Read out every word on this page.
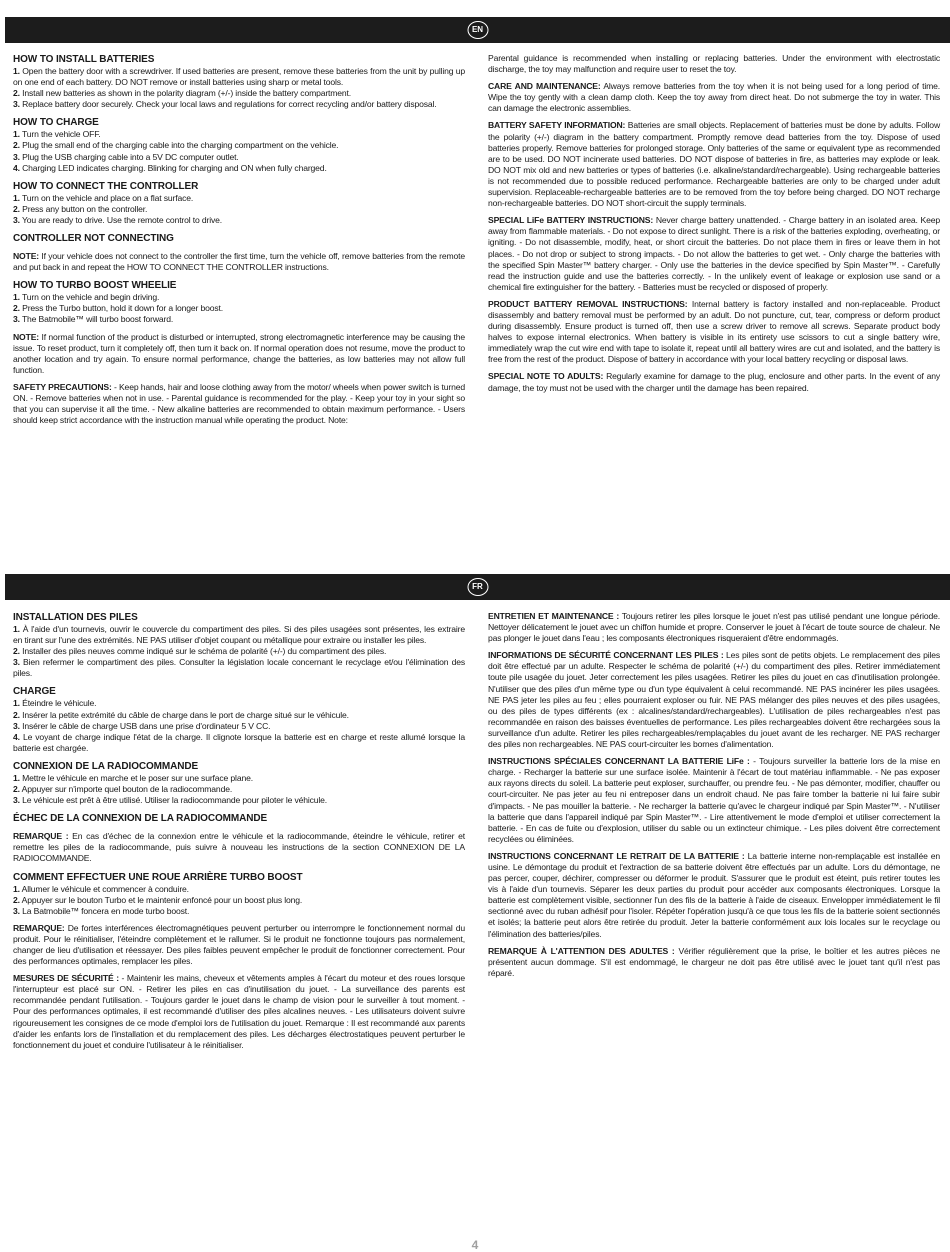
EN
HOW TO INSTALL BATTERIES
1. Open the battery door with a screwdriver. If used batteries are present, remove these batteries from the unit by pulling up on one end of each battery. DO NOT remove or install batteries using sharp or metal tools.
2. Install new batteries as shown in the polarity diagram (+/-) inside the battery compartment.
3. Replace battery door securely. Check your local laws and regulations for correct recycling and/or battery disposal.
HOW TO CHARGE
1. Turn the vehicle OFF.
2. Plug the small end of the charging cable into the charging compartment on the vehicle.
3. Plug the USB charging cable into a 5V DC computer outlet.
4. Charging LED indicates charging. Blinking for charging and ON when fully charged.
HOW TO CONNECT THE CONTROLLER
1. Turn on the vehicle and place on a flat surface.
2. Press any button on the controller.
3. You are ready to drive. Use the remote control to drive.
CONTROLLER NOT CONNECTING
NOTE: If your vehicle does not connect to the controller the first time, turn the vehicle off, remove batteries from the remote and put back in and repeat the HOW TO CONNECT THE CONTROLLER instructions.
HOW TO TURBO BOOST WHEELIE
1. Turn on the vehicle and begin driving.
2. Press the Turbo button, hold it down for a longer boost.
3. The Batmobile™ will turbo boost forward.
NOTE: If normal function of the product is disturbed or interrupted, strong electromagnetic interference may be causing the issue. To reset product, turn it completely off, then turn it back on. If normal operation does not resume, move the product to another location and try again. To ensure normal performance, change the batteries, as low batteries may not allow full function.
SAFETY PRECAUTIONS: - Keep hands, hair and loose clothing away from the motor/ wheels when power switch is turned ON. - Remove batteries when not in use. - Parental guidance is recommended for the play. - Keep your toy in your sight so that you can supervise it all the time. - New alkaline batteries are recommended to obtain maximum performance. - Users should keep strict accordance with the instruction manual while operating the product. Note:
Parental guidance is recommended when installing or replacing batteries. Under the environment with electrostatic discharge, the toy may malfunction and require user to reset the toy.
CARE AND MAINTENANCE: Always remove batteries from the toy when it is not being used for a long period of time. Wipe the toy gently with a clean damp cloth. Keep the toy away from direct heat. Do not submerge the toy in water. This can damage the electronic assemblies.
BATTERY SAFETY INFORMATION: Batteries are small objects. Replacement of batteries must be done by adults. Follow the polarity (+/-) diagram in the battery compartment. Promptly remove dead batteries from the toy. Dispose of used batteries properly. Remove batteries for prolonged storage. Only batteries of the same or equivalent type as recommended are to be used. DO NOT incinerate used batteries. DO NOT dispose of batteries in fire, as batteries may explode or leak. DO NOT mix old and new batteries or types of batteries (i.e. alkaline/standard/rechargeable). Using rechargeable batteries is not recommended due to possible reduced performance. Rechargeable batteries are only to be charged under adult supervision. Replaceable-rechargeable batteries are to be removed from the toy before being charged. DO NOT recharge non-rechargeable batteries. DO NOT short-circuit the supply terminals.
SPECIAL LiFe BATTERY INSTRUCTIONS: Never charge battery unattended. - Charge battery in an isolated area. Keep away from flammable materials. - Do not expose to direct sunlight. There is a risk of the batteries exploding, overheating, or igniting. - Do not disassemble, modify, heat, or short circuit the batteries. Do not place them in fires or leave them in hot places. - Do not drop or subject to strong impacts. - Do not allow the batteries to get wet. - Only charge the batteries with the specified Spin Master™ battery charger. - Only use the batteries in the device specified by Spin Master™. - Carefully read the instruction guide and use the batteries correctly. - In the unlikely event of leakage or explosion use sand or a chemical fire extinguisher for the battery. - Batteries must be recycled or disposed of properly.
PRODUCT BATTERY REMOVAL INSTRUCTIONS: Internal battery is factory installed and non-replaceable. Product disassembly and battery removal must be performed by an adult. Do not puncture, cut, tear, compress or deform product during disassembly. Ensure product is turned off, then use a screw driver to remove all screws. Separate product body halves to expose internal electronics. When battery is visible in its entirety use scissors to cut a single battery wire, immediately wrap the cut wire end with tape to isolate it, repeat until all battery wires are cut and isolated, and the battery is free from the rest of the product. Dispose of battery in accordance with your local battery recycling or disposal laws.
SPECIAL NOTE TO ADULTS: Regularly examine for damage to the plug, enclosure and other parts. In the event of any damage, the toy must not be used with the charger until the damage has been repaired.
FR
INSTALLATION DES PILES
1. À l'aide d'un tournevis, ouvrir le couvercle du compartiment des piles. Si des piles usagées sont présentes, les extraire en tirant sur l'une des extrémités. NE PAS utiliser d'objet coupant ou métallique pour extraire ou installer les piles.
2. Installer des piles neuves comme indiqué sur le schéma de polarité (+/-) du compartiment des piles.
3. Bien refermer le compartiment des piles. Consulter la législation locale concernant le recyclage et/ou l'élimination des piles.
CHARGE
1. Éteindre le véhicule.
2. Insérer la petite extrémité du câble de charge dans le port de charge situé sur le véhicule.
3. Insérer le câble de charge USB dans une prise d'ordinateur 5 V CC.
4. Le voyant de charge indique l'état de la charge. Il clignote lorsque la batterie est en charge et reste allumé lorsque la batterie est chargée.
CONNEXION DE LA RADIOCOMMANDE
1. Mettre le véhicule en marche et le poser sur une surface plane.
2. Appuyer sur n'importe quel bouton de la radiocommande.
3. Le véhicule est prêt à être utilisé. Utiliser la radiocommande pour piloter le véhicule.
ÉCHEC DE LA CONNEXION DE LA RADIOCOMMANDE
REMARQUE : En cas d'échec de la connexion entre le véhicule et la radiocommande, éteindre le véhicule, retirer et remettre les piles de la radiocommande, puis suivre à nouveau les instructions de la section CONNEXION DE LA RADIOCOMMANDE.
COMMENT EFFECTUER UNE ROUE ARRIÈRE TURBO BOOST
1. Allumer le véhicule et commencer à conduire.
2. Appuyer sur le bouton Turbo et le maintenir enfoncé pour un boost plus long.
3. La Batmobile™ foncera en mode turbo boost.
REMARQUE: De fortes interférences électromagnétiques peuvent perturber ou interrompre le fonctionnement normal du produit. Pour le réinitialiser, l'éteindre complètement et le rallumer. Si le produit ne fonctionne toujours pas normalement, changer de lieu d'utilisation et réessayer. Des piles faibles peuvent empêcher le produit de fonctionner correctement. Pour des performances optimales, remplacer les piles.
MESURES DE SÉCURITÉ : - Maintenir les mains, cheveux et vêtements amples à l'écart du moteur et des roues lorsque l'interrupteur est placé sur ON. - Retirer les piles en cas d'inutilisation du jouet. - La surveillance des parents est recommandée pendant l'utilisation. - Toujours garder le jouet dans le champ de vision pour le surveiller à tout moment. - Pour des performances optimales, il est recommandé d'utiliser des piles alcalines neuves. - Les utilisateurs doivent suivre rigoureusement les consignes de ce mode d'emploi lors de l'utilisation du jouet. Remarque : Il est recommandé aux parents d'aider les enfants lors de l'installation et du remplacement des piles. Les décharges électrostatiques peuvent perturber le fonctionnement du jouet et conduire l'utilisateur à le réinitialiser.
ENTRETIEN ET MAINTENANCE : Toujours retirer les piles lorsque le jouet n'est pas utilisé pendant une longue période. Nettoyer délicatement le jouet avec un chiffon humide et propre. Conserver le jouet à l'écart de toute source de chaleur. Ne pas plonger le jouet dans l'eau ; les composants électroniques risqueraient d'être endommagés.
INFORMATIONS DE SÉCURITÉ CONCERNANT LES PILES : Les piles sont de petits objets. Le remplacement des piles doit être effectué par un adulte. Respecter le schéma de polarité (+/-) du compartiment des piles. Retirer immédiatement toute pile usagée du jouet. Jeter correctement les piles usagées. Retirer les piles du jouet en cas d'inutilisation prolongée. N'utiliser que des piles d'un même type ou d'un type équivalent à celui recommandé. NE PAS incinérer les piles usagées. NE PAS jeter les piles au feu ; elles pourraient exploser ou fuir. NE PAS mélanger des piles neuves et des piles usagées, ou des piles de types différents (ex : alcalines/standard/rechargeables). L'utilisation de piles rechargeables n'est pas recommandée en raison des baisses éventuelles de performance. Les piles rechargeables doivent être rechargées sous la surveillance d'un adulte. Retirer les piles rechargeables/remplaçables du jouet avant de les recharger. NE PAS recharger des piles non rechargeables. NE PAS court-circuiter les bornes d'alimentation.
INSTRUCTIONS SPÉCIALES CONCERNANT LA BATTERIE LiFe : - Toujours surveiller la batterie lors de la mise en charge. - Recharger la batterie sur une surface isolée. Maintenir à l'écart de tout matériau inflammable. - Ne pas exposer aux rayons directs du soleil. La batterie peut exploser, surchauffer, ou prendre feu. - Ne pas démonter, modifier, chauffer ou court-circuiter. Ne pas jeter au feu ni entreposer dans un endroit chaud. Ne pas faire tomber la batterie ni lui faire subir d'impacts. - Ne pas mouiller la batterie. - Ne recharger la batterie qu'avec le chargeur indiqué par Spin Master™. - N'utiliser la batterie que dans l'appareil indiqué par Spin Master™. - Lire attentivement le mode d'emploi et utiliser correctement la batterie. - En cas de fuite ou d'explosion, utiliser du sable ou un extincteur chimique. - Les piles doivent être correctement recyclées ou éliminées.
INSTRUCTIONS CONCERNANT LE RETRAIT DE LA BATTERIE : La batterie interne non-remplaçable est installée en usine. Le démontage du produit et l'extraction de sa batterie doivent être effectués par un adulte. Lors du démontage, ne pas percer, couper, déchirer, compresser ou déformer le produit. S'assurer que le produit est éteint, puis retirer toutes les vis à l'aide d'un tournevis. Séparer les deux parties du produit pour accéder aux composants électroniques. Lorsque la batterie est complètement visible, sectionner l'un des fils de la batterie à l'aide de ciseaux. Envelopper immédiatement le fil sectionné avec du ruban adhésif pour l'isoler. Répéter l'opération jusqu'à ce que tous les fils de la batterie soient sectionnés et isolés; la batterie peut alors être retirée du produit. Jeter la batterie conformément aux lois locales sur le recyclage ou l'élimination des batteries/piles.
REMARQUE À L'ATTENTION DES ADULTES : Vérifier régulièrement que la prise, le boîtier et les autres pièces ne présentent aucun dommage. S'il est endommagé, le chargeur ne doit pas être utilisé avec le jouet tant qu'il n'est pas réparé.
4
